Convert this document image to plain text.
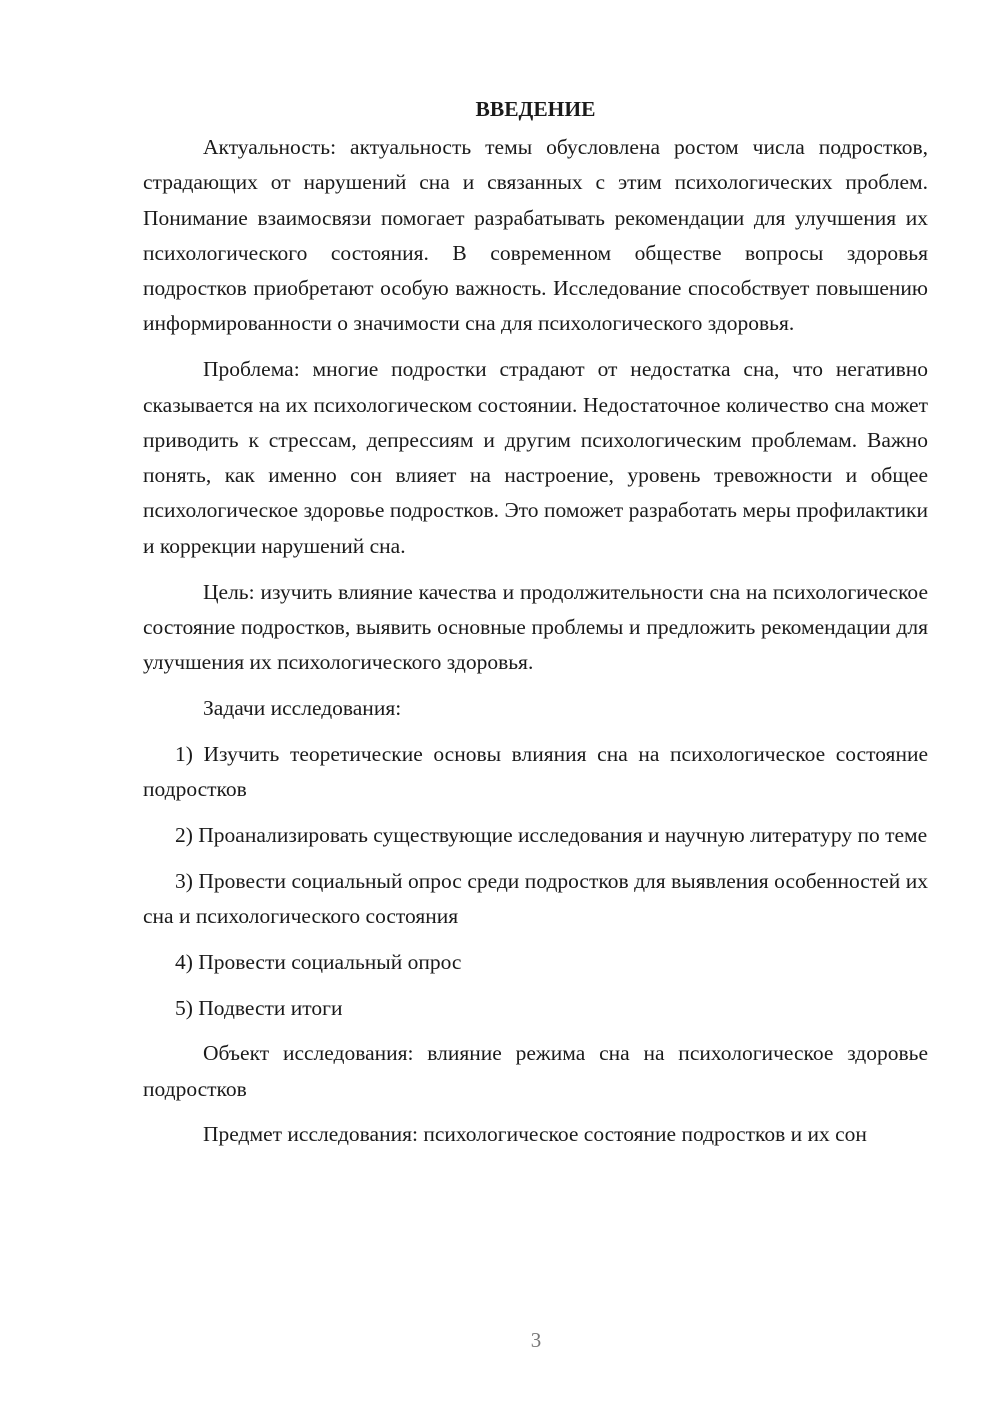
ВВЕДЕНИЕ

Актуальность: актуальность темы обусловлена ростом числа подростков, страдающих от нарушений сна и связанных с этим психологических проблем. Понимание взаимосвязи помогает разрабатывать рекомендации для улучшения их психологического состояния. В современном обществе вопросы здоровья подростков приобретают особую важность. Исследование способствует повышению информированности о значимости сна для психологического здоровья.

Проблема: многие подростки страдают от недостатка сна, что негативно сказывается на их психологическом состоянии. Недостаточное количество сна может приводить к стрессам, депрессиям и другим психологическим проблемам. Важно понять, как именно сон влияет на настроение, уровень тревожности и общее психологическое здоровье подростков. Это поможет разработать меры профилактики и коррекции нарушений сна.

Цель: изучить влияние качества и продолжительности сна на психологическое состояние подростков, выявить основные проблемы и предложить рекомендации для улучшения их психологического здоровья.

Задачи исследования:

1) Изучить теоретические основы влияния сна на психологическое состояние подростков

2) Проанализировать существующие исследования и научную литературу по теме

3) Провести социальный опрос среди подростков для выявления особенностей их сна и психологического состояния

4) Провести социальный опрос

5) Подвести итоги

Объект исследования: влияние режима сна на психологическое здоровье подростков

Предмет исследования: психологическое состояние подростков и их сон

3
